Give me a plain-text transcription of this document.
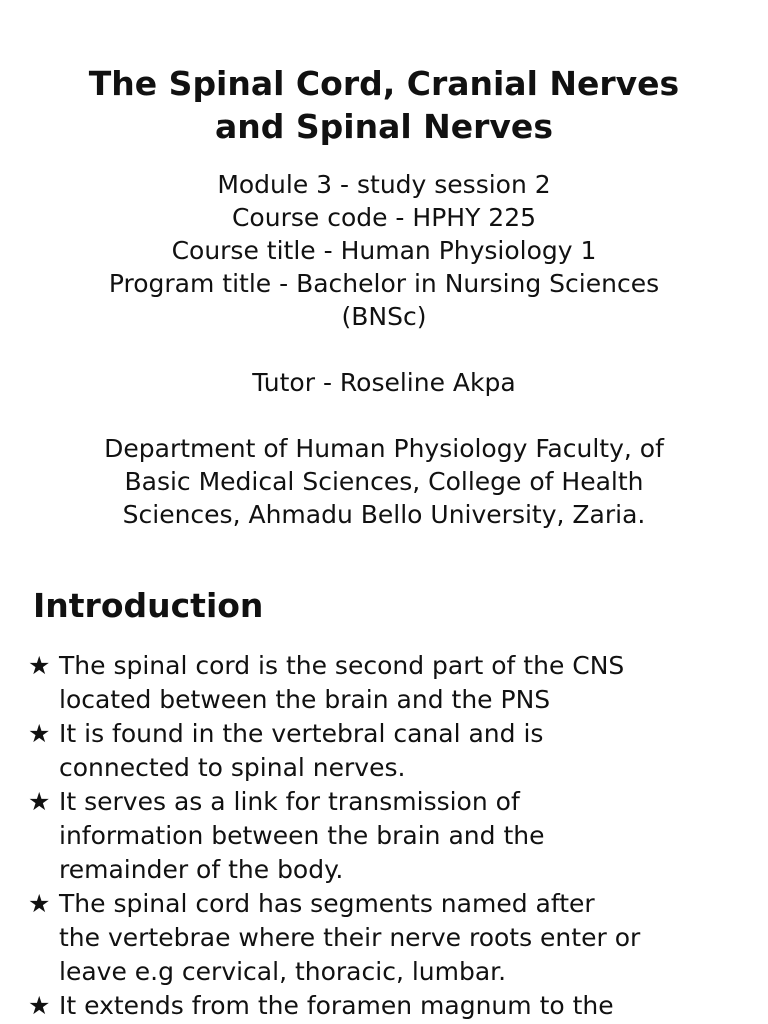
The Spinal Cord, Cranial Nerves
and Spinal Nerves
Module 3 - study session 2
Course code - HPHY 225
Course title - Human Physiology 1
Program title - Bachelor in Nursing Sciences
(BNSc)
Tutor - Roseline Akpa
Department of Human Physiology Faculty, of
Basic Medical Sciences, College of Health
Sciences, Ahmadu Bello University, Zaria.
Introduction
★ The spinal cord is the second part of the CNS
located between the brain and the PNS
★ It is found in the vertebral canal and is
connected to spinal nerves.
★ It serves as a link for transmission of
information between the brain and the
remainder of the body.
★ The spinal cord has segments named after
the vertebrae where their nerve roots enter or
leave e.g cervical, thoracic, lumbar.
★ It extends from the foramen magnum to the
